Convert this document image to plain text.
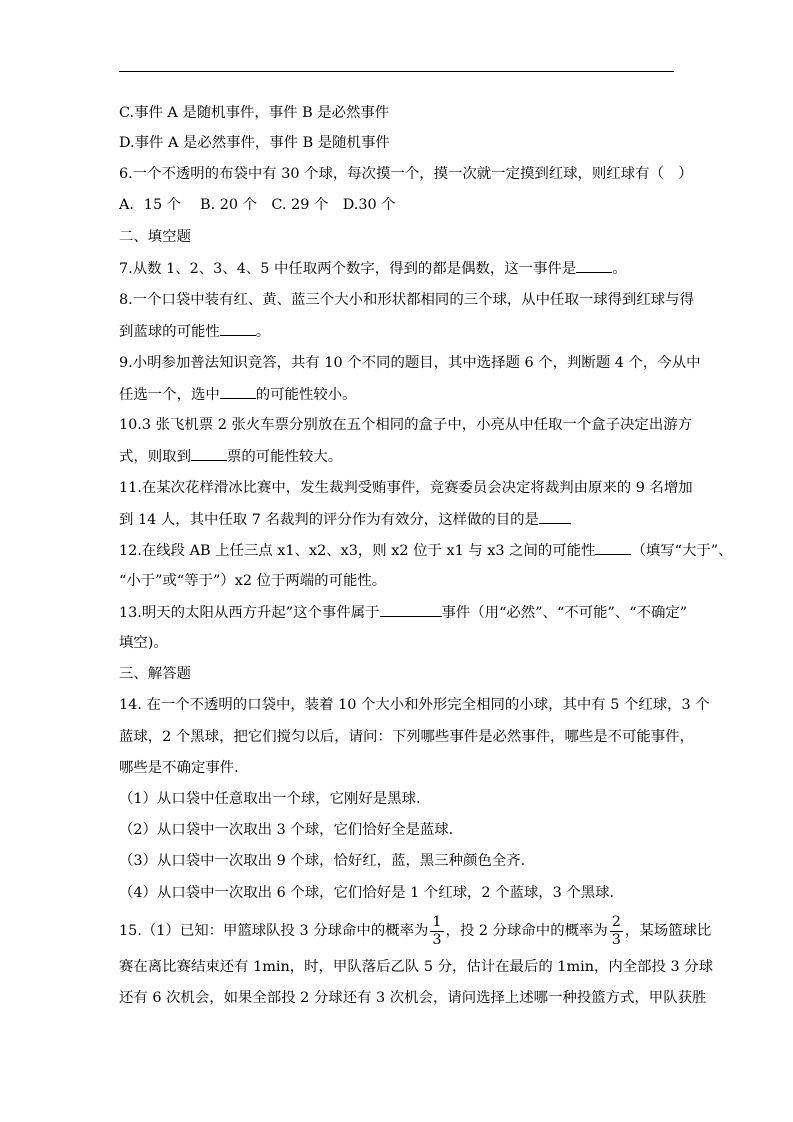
C.事件 A 是随机事件，事件 B 是必然事件
D.事件 A 是必然事件，事件 B 是随机事件
6.一个不透明的布袋中有 30 个球，每次摸一个，摸一次就一定摸到红球，则红球有（　）
A．15 个　 B. 20 个　C. 29 个　D.30 个
二、填空题
7.从数 1、2、3、4、5 中任取两个数字，得到的都是偶数，这一事件是	。
8.一个口袋中装有红、黄、蓝三个大小和形状都相同的三个球，从中任取一球得到红球与得
到蓝球的可能性	。
9.小明参加普法知识竞答，共有 10 个不同的题目，其中选择题 6 个，判断题 4 个，今从中
任选一个，选中	的可能性较小。
10.3 张飞机票 2 张火车票分别放在五个相同的盒子中，小亮从中任取一个盒子决定出游方
式，则取到	票的可能性较大。
11.在某次花样滑冰比赛中，发生裁判受贿事件，竞赛委员会决定将裁判由原来的 9 名增加
到 14 人，其中任取 7 名裁判的评分作为有效分，这样做的目的是
12.在线段 AB 上任三点 x1、x2、x3，则 x2 位于 x1 与 x3 之间的可能性	（填写“大于”、
“小于”或“等于”）x2 位于两端的可能性。
13.明天的太阳从西方升起”这个事件属于	事件（用“必然”、“不可能”、“不确定”
填空)。
三、解答题
14. 在一个不透明的口袋中，装着 10 个大小和外形完全相同的小球，其中有 5 个红球，3 个
蓝球，2 个黑球，把它们搅匀以后，请问：下列哪些事件是必然事件，哪些是不可能事件，
哪些是不确定事件．
（1）从口袋中任意取出一个球，它刚好是黑球．
（2）从口袋中一次取出 3 个球，它们恰好全是蓝球．
（3）从口袋中一次取出 9 个球，恰好红，蓝，黑三种颜色全齐．
（4）从口袋中一次取出 6 个球，它们恰好是 1 个红球，2 个蓝球，3 个黑球．
15.（1）已知：甲篮球队投 3 分球命中的概率为 $\frac{1}{3}$ ，投 2 分球命中的概率为 $\frac{2}{3}$ ，某场篮球比
赛在离比赛结束还有 1min，时，甲队落后乙队 5 分，估计在最后的 1min，内全部投 3 分球
还有 6 次机会，如果全部投 2 分球还有 3 次机会，请问选择上述哪一种投篮方式，甲队获胜
